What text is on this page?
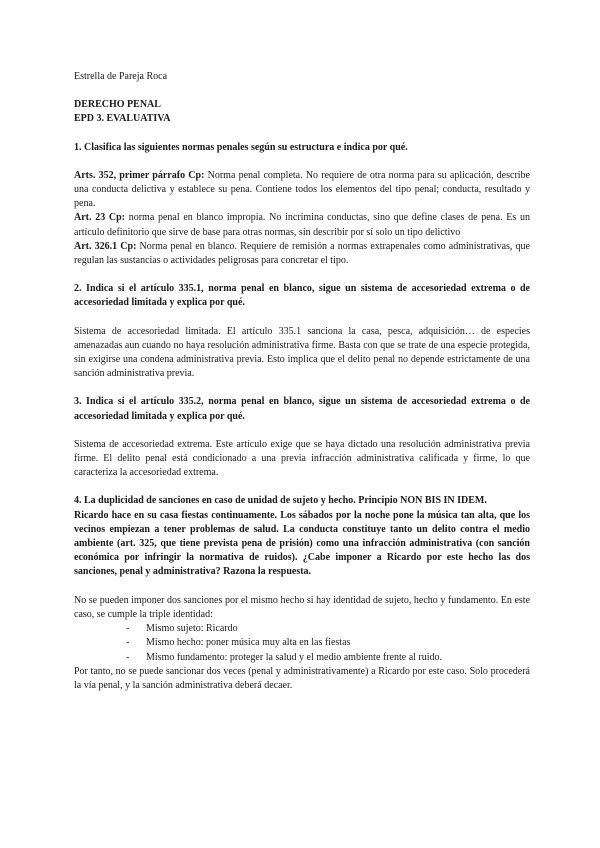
Estrella de Pareja Roca

DERECHO PENAL

EPD 3. EVALUATIVA

1. Clasifica las siguientes normas penales según su estructura e indica por qué.

Arts. 352, primer párrafo Cp: Norma penal completa. No requiere de otra norma para su aplicación, describe una conducta delictiva y establece su pena. Contiene todos los elementos del tipo penal; conducta, resultado y pena.

Art. 23 Cp: norma penal en blanco impropia. No incrimina conductas, sino que define clases de pena. Es un artículo definitorio que sirve de base para otras normas, sin describir por sí solo un tipo delictivo

Art. 326.1 Cp: Norma penal en blanco. Requiere de remisión a normas extrapenales como administrativas, que regulan las sustancias o actividades peligrosas para concretar el tipo.

2. Indica si el artículo 335.1, norma penal en blanco, sigue un sistema de accesoriedad extrema o de accesoriedad limitada y explica por qué.

Sistema de accesoriedad limitada. El artículo 335.1 sanciona la casa, pesca, adquisición… de especies amenazadas aun cuando no haya resolución administrativa firme. Basta con que se trate de una especie protegida, sin exigirse una condena administrativa previa. Esto implica que el delito penal no depende estrictamente de una sanción administrativa previa.

3. Indica si el artículo 335.2, norma penal en blanco, sigue un sistema de accesoriedad extrema o de accesoriedad limitada y explica por qué.

Sistema de accesoriedad extrema. Este artículo exige que se haya dictado una resolución administrativa previa firme. El delito penal está condicionado a una previa infracción administrativa calificada y firme, lo que caracteriza la accesoriedad extrema.

4. La duplicidad de sanciones en caso de unidad de sujeto y hecho. Principio NON BIS IN IDEM.

Ricardo hace en su casa fiestas continuamente. Los sábados por la noche pone la música tan alta, que los vecinos empiezan a tener problemas de salud. La conducta constituye tanto un delito contra el medio ambiente (art. 325, que tiene prevista pena de prisión) como una infracción administrativa (con sanción económica por infringir la normativa de ruidos). ¿Cabe imponer a Ricardo por este hecho las dos sanciones, penal y administrativa? Razona la respuesta.

No se pueden imponer dos sanciones por el mismo hecho si hay identidad de sujeto, hecho y fundamento. En este caso, se cumple la triple identidad:

- Mismo sujeto: Ricardo
- Mismo hecho: poner música muy alta en las fiestas
- Mismo fundamento: proteger la salud y el medio ambiente frente al ruido.

Por tanto, no se puede sancionar dos veces (penal y administrativamente) a Ricardo por este caso. Solo procederá la vía penal, y la sanción administrativa deberá decaer.
